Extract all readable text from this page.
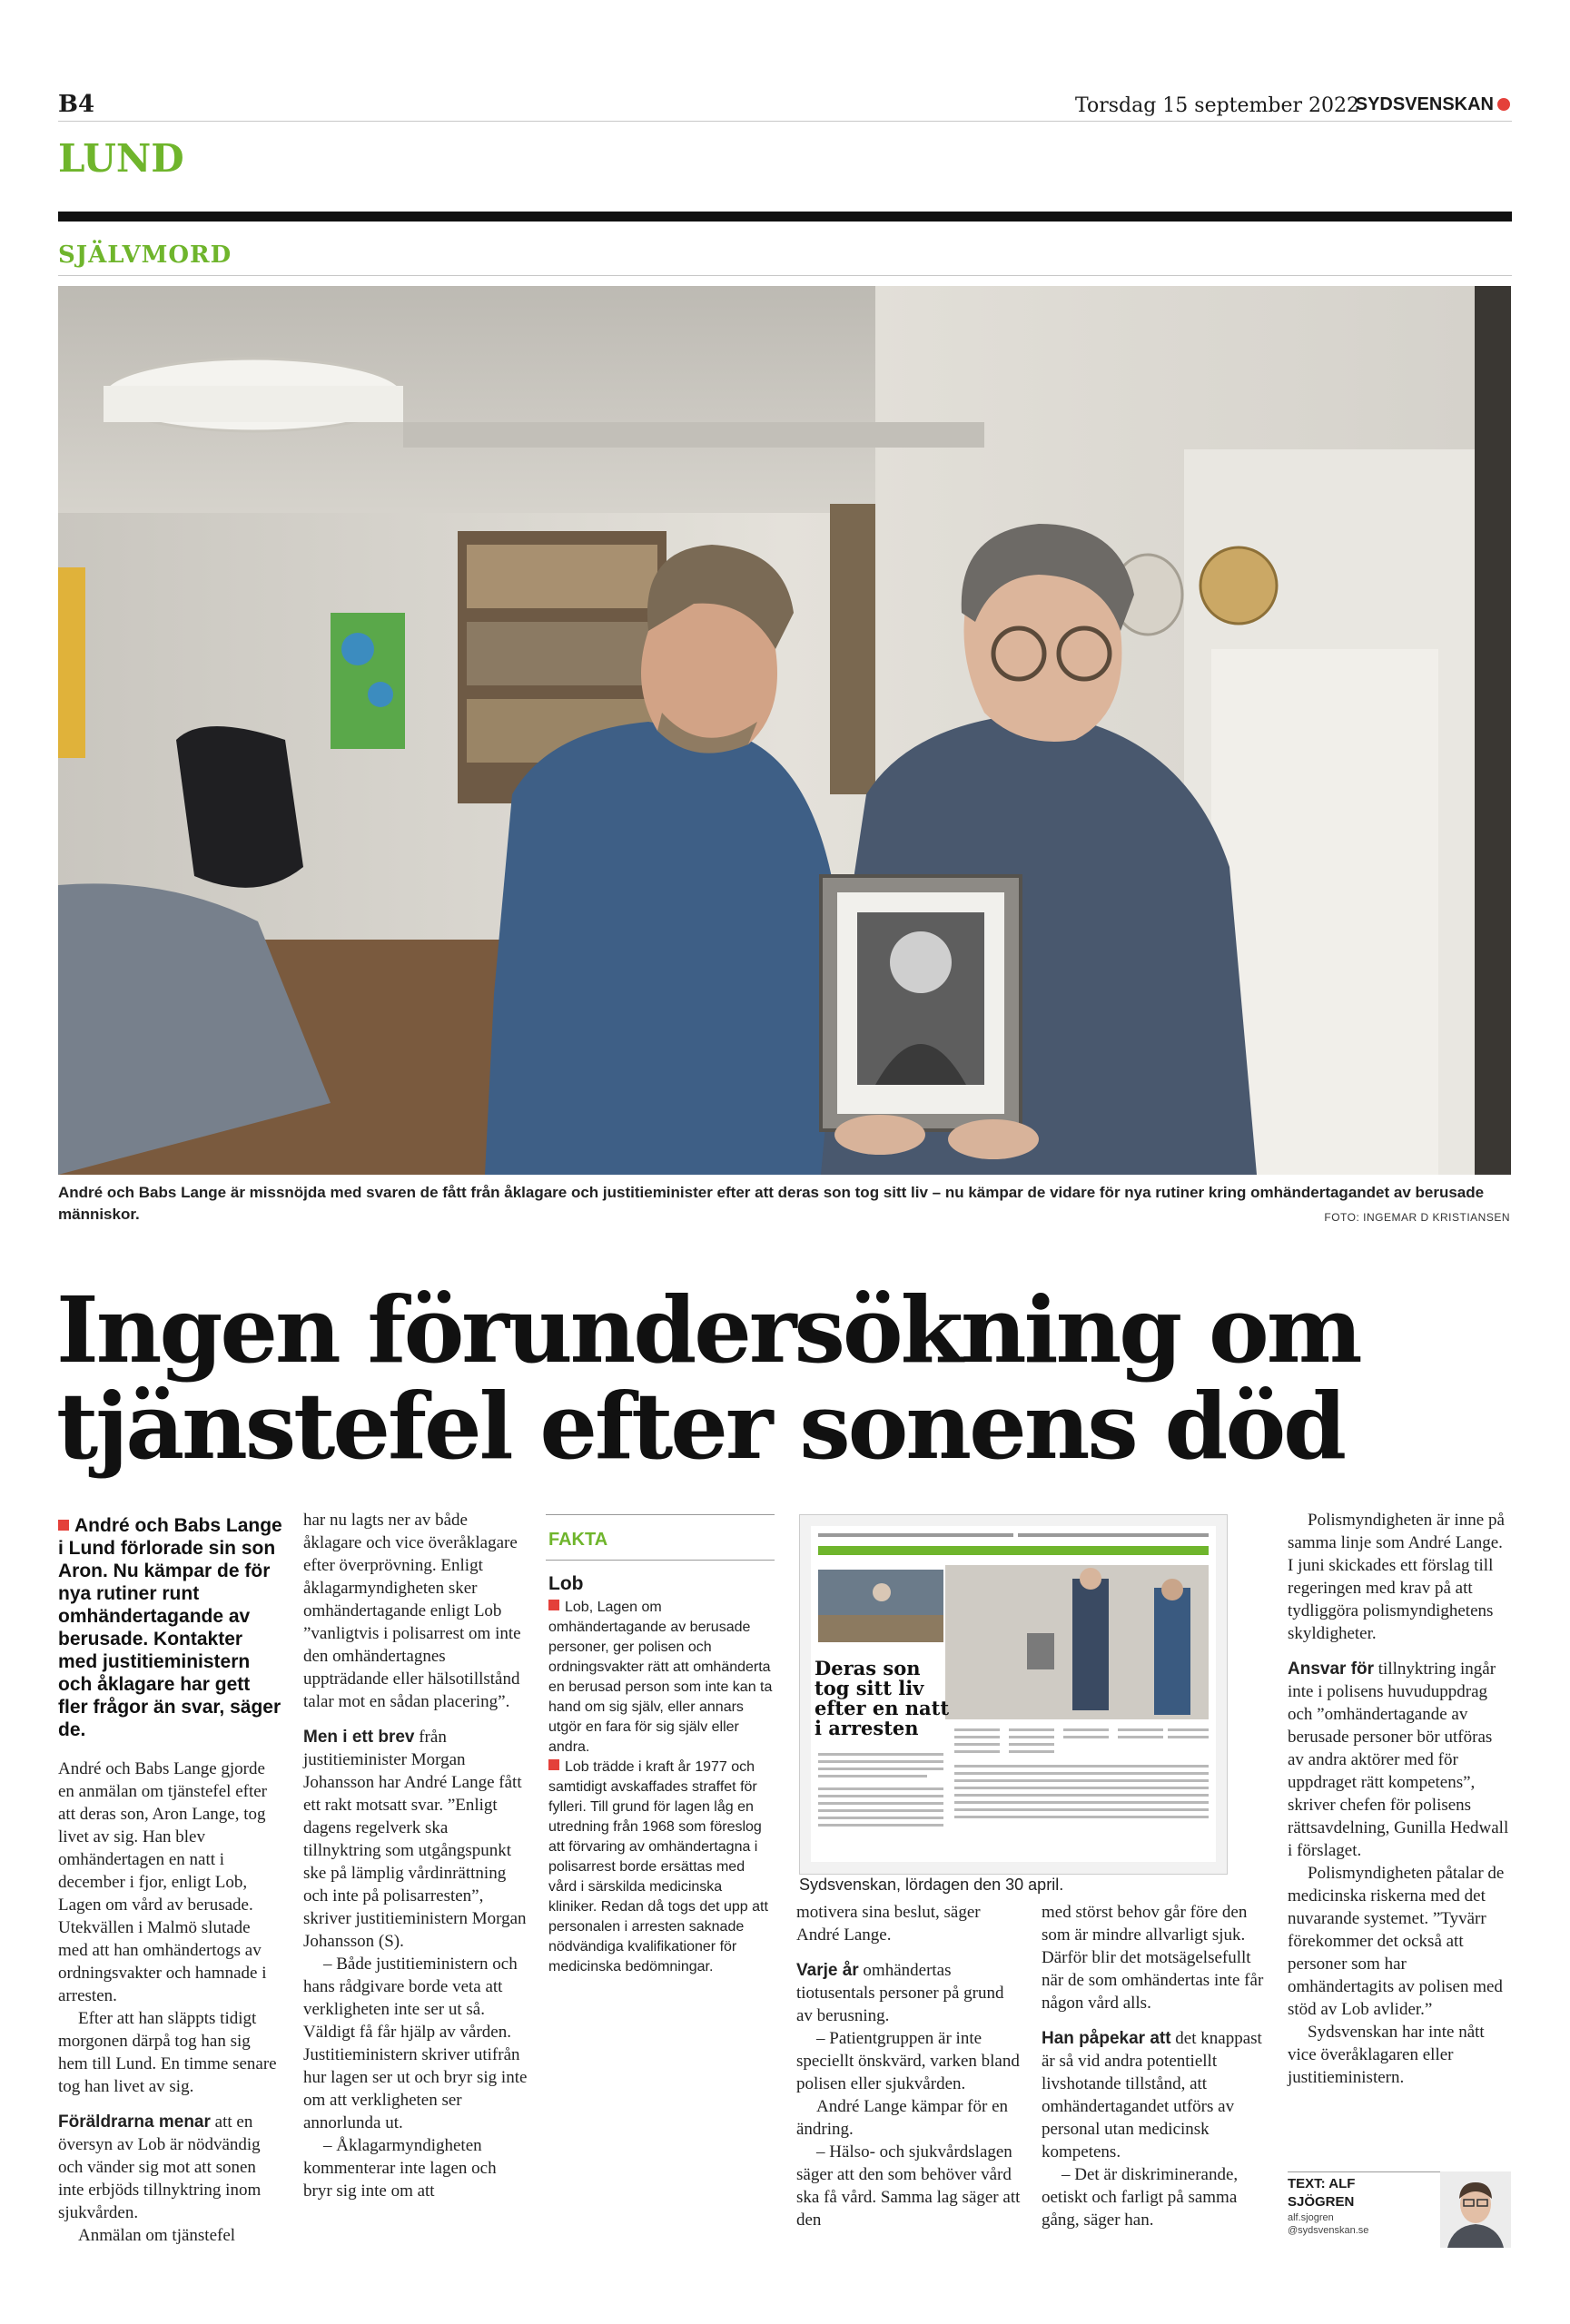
B4	Torsdag 15 september 2022
SYDSVENSKAN
LUND
SJÄLVMORD
André och Babs Lange är missnöjda med svaren de fått från åklagare och justitieminister efter att deras son tog sitt liv – nu kämpar de vidare för nya rutiner kring omhändertagandet av berusade människor.	FOTO: INGEMAR D KRISTIANSEN
Ingen förundersökning om
tjänstefel efter sonens död
André och Babs Lange i Lund förlorade sin son Aron. Nu kämpar de för nya rutiner runt omhändertagande av berusade. Kontakter med justitieministern och åklagare har gett fler frågor än svar, säger de.

André och Babs Lange gjorde en anmälan om tjänstefel efter att deras son, Aron Lange, tog livet av sig. Han blev omhändertagen en natt i december i fjor, enligt Lob, Lagen om vård av berusade. Utekvällen i Malmö slutade med att han omhändertogs av ordningsvakter och hamnade i arresten.

Efter att han släppts tidigt morgonen därpå tog han sig hem till Lund. En timme senare tog han livet av sig.

Föräldrarna menar att en översyn av Lob är nödvändig och vänder sig mot att sonen inte erbjöds tillnyktring inom sjukvården.

Anmälan om tjänstefel

har nu lagts ner av både åklagare och vice överåklagare efter överprövning. Enligt åklagarmyndigheten sker omhändertagande enligt Lob ”vanligtvis i polisarrest om inte den omhändertagnes uppträdande eller hälsotillstånd talar mot en sådan placering”.

Men i ett brev från justitieminister Morgan Johansson har André Lange fått ett rakt motsatt svar. ”Enligt dagens regelverk ska tillnyktring som utgångspunkt ske på lämplig vårdinrättning och inte på polisarresten”, skriver justitieministern Morgan Johansson (S).

– Både justitieministern och hans rådgivare borde veta att verkligheten inte ser ut så. Väldigt få får hjälp av vården. Justitieministern skriver utifrån hur lagen ser ut och bryr sig inte om att verkligheten ser annorlunda ut.

– Åklagarmyndigheten kommenterar inte lagen och bryr sig inte om att

FAKTA
Lob
Lob, Lagen om omhändertagande av berusade personer, ger polisen och ordningsvakter rätt att omhänderta en berusad person som inte kan ta hand om sig själv, eller annars utgör en fara för sig själv eller andra.
Lob trädde i kraft år 1977 och samtidigt avskaffades straffet för fylleri. Till grund för lagen låg en utredning från 1968 som föreslog att förvaring av omhändertagna i polisarrest borde ersättas med vård i särskilda medicinska kliniker. Redan då togs det upp att personalen i arresten saknade nödvändiga kvalifikationer för medicinska bedömningar.
Deras son tog sitt liv efter en natt i arresten
Sydsvenskan, lördagen den 30 april.

motivera sina beslut, säger André Lange.

Varje år omhändertas tiotusentals personer på grund av berusning.

– Patientgruppen är inte speciellt önskvärd, varken bland polisen eller sjukvården.

André Lange kämpar för en ändring.

– Hälso- och sjukvårdslagen säger att den som behöver vård ska få vård. Samma lag säger att den

med störst behov går före den som är mindre allvarligt sjuk. Därför blir det motsägelsefullt när de som omhändertas inte får någon vård alls.

Han påpekar att det knappast är så vid andra potentiellt livshotande tillstånd, att omhändertagandet utförs av personal utan medicinsk kompetens.

– Det är diskriminerande, oetiskt och farligt på samma gång, säger han.

Polismyndigheten är inne på samma linje som André Lange. I juni skickades ett förslag till regeringen med krav på att tydliggöra polismyndighetens skyldigheter.

Ansvar för tillnyktring ingår inte i polisens huvuduppdrag och ”omhändertagande av berusade personer bör utföras av andra aktörer med för uppdraget rätt kompetens”, skriver chefen för polisens rättsavdelning, Gunilla Hedwall i förslaget.

Polismyndigheten påtalar de medicinska riskerna med det nuvarande systemet. ”Tyvärr förekommer det också att personer som har omhändertagits av polisen med stöd av Lob avlider.”

Sydsvenskan har inte nått vice överåklagaren eller justitieministern.

TEXT: ALF
SJÖGREN
alf.sjogren
@sydsvenskan.se
